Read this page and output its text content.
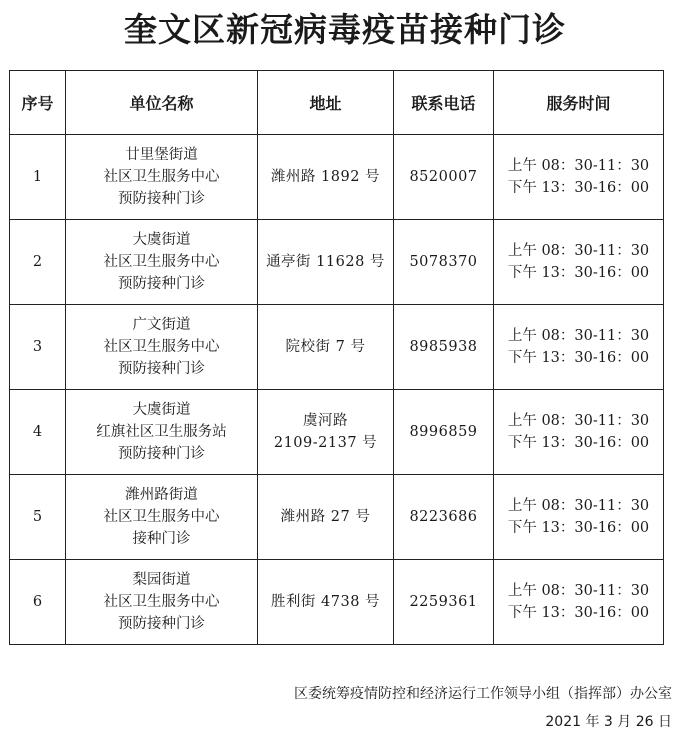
奎文区新冠病毒疫苗接种门诊
序号	单位名称	地址	联系电话	服务时间
1	廿里堡街道
社区卫生服务中心
预防接种门诊	潍州路 1892 号	8520007	上午 08：30-11：30
下午 13：30-16：00

2	大虞街道
社区卫生服务中心
预防接种门诊	通亭街 11628 号	5078370	上午 08：30-11：30
下午 13：30-16：00

3	广文街道
社区卫生服务中心
预防接种门诊	院校街 7 号	8985938	上午 08：30-11：30
下午 13：30-16：00

4	大虞街道
红旗社区卫生服务站
预防接种门诊	虞河路
2109-2137 号	8996859	上午 08：30-11：30
下午 13：30-16：00

5	潍州路街道
社区卫生服务中心
接种门诊	潍州路 27 号	8223686	上午 08：30-11：30
下午 13：30-16：00

6	梨园街道
社区卫生服务中心
预防接种门诊	胜利街 4738 号	2259361	上午 08：30-11：30
下午 13：30-16：00
区委统筹疫情防控和经济运行工作领导小组（指挥部）办公室
2021 年 3 月 26 日
